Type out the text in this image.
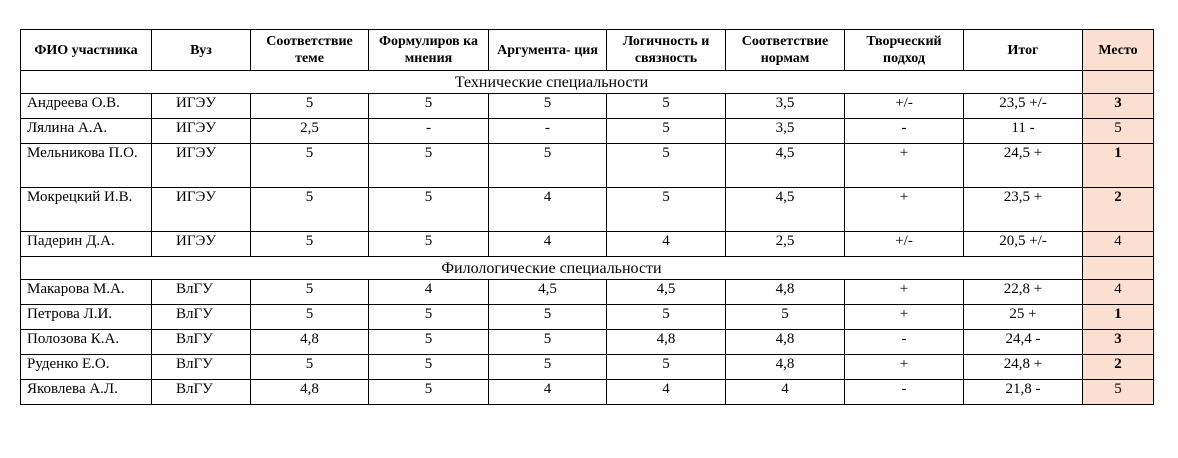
ФИО участника	Вуз	Соответствие теме	Формулиров ка мнения	Аргумента- ция	Логичность и связность	Соответствие нормам	Творческий подход	Итог	Место
Технические специальности									
Андреева О.В.	ИГЭУ	5	5	5	5	3,5	+/-	23,5 +/-	3
Лялина А.А.	ИГЭУ	2,5	-	-	5	3,5	-	11 -	5
Мельникова П.О.	ИГЭУ	5	5	5	5	4,5	+	24,5 +	1
Мокрецкий И.В.	ИГЭУ	5	5	4	5	4,5	+	23,5 +	2
Падерин Д.А.	ИГЭУ	5	5	4	4	2,5	+/-	20,5 +/-	4
Филологические специальности									
Макарова М.А.	ВлГУ	5	4	4,5	4,5	4,8	+	22,8 +	4
Петрова Л.И.	ВлГУ	5	5	5	5	5	+	25 +	1
Полозова К.А.	ВлГУ	4,8	5	5	4,8	4,8	-	24,4 -	3
Руденко Е.О.	ВлГУ	5	5	5	5	4,8	+	24,8 +	2
Яковлева А.Л.	ВлГУ	4,8	5	4	4	4	-	21,8 -	5
